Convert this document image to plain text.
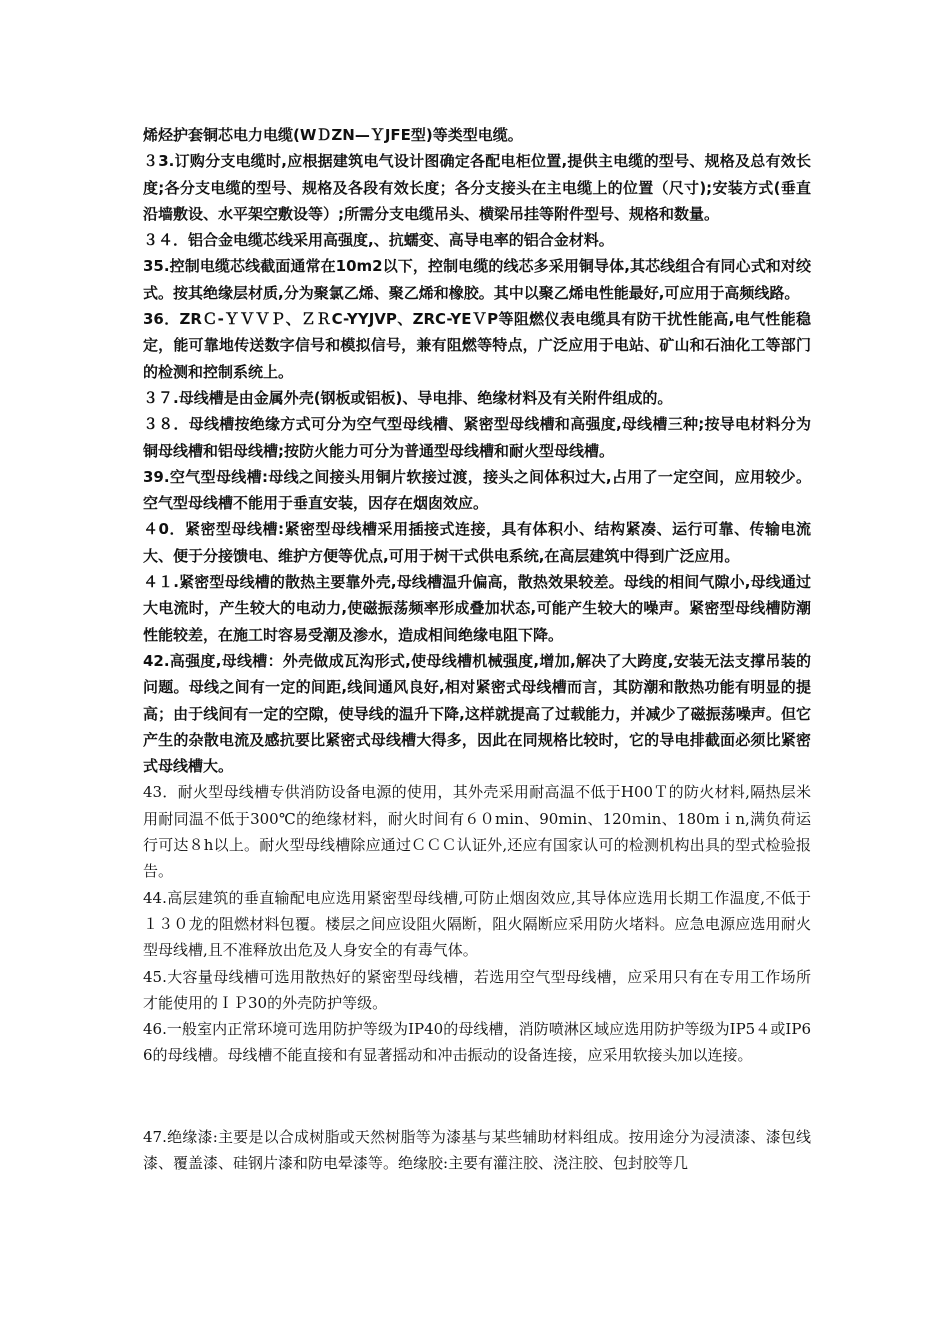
烯烃护套铜芯电力电缆(WＤZN—ＹJFE型)等类型电缆。

３3.订购分支电缆时,应根据建筑电气设计图确定各配电柜位置,提供主电缆的型号、规格及总有效长度;各分支电缆的型号、规格及各段有效长度；各分支接头在主电缆上的位置（尺寸);安装方式(垂直沿墙敷设、水平架空敷设等）;所需分支电缆吊头、横梁吊挂等附件型号、规格和数量。

３４．铝合金电缆芯线采用高强度,、抗蠕变、高导电率的铝合金材料。

35.控制电缆芯线截面通常在10m2以下，控制电缆的线芯多采用铜导体,其芯线组合有同心式和对绞式。按其绝缘层材质,分为聚氯乙烯、聚乙烯和橡胶。其中以聚乙烯电性能最好,可应用于高频线路。

36．ZRＣ-ＹＶＶＰ、ＺＲC-YYJVP、ZRC-YEＶP等阻燃仪表电缆具有防干扰性能高,电气性能稳定，能可靠地传送数字信号和模拟信号，兼有阻燃等特点，广泛应用于电站、矿山和石油化工等部门的检测和控制系统上。

３７.母线槽是由金属外壳(钢板或铝板)、导电排、绝缘材料及有关附件组成的。

３８．母线槽按绝缘方式可分为空气型母线槽、紧密型母线槽和高强度,母线槽三种;按导电材料分为铜母线槽和铝母线槽;按防火能力可分为普通型母线槽和耐火型母线槽。

39.空气型母线槽:母线之间接头用铜片软接过渡，接头之间体积过大,占用了一定空间，应用较少。空气型母线槽不能用于垂直安装，因存在烟囱效应。

４0．紧密型母线槽:紧密型母线槽采用插接式连接，具有体积小、结构紧凑、运行可靠、传输电流大、便于分接馈电、维护方便等优点,可用于树干式供电系统,在高层建筑中得到广泛应用。

４１.紧密型母线槽的散热主要靠外壳,母线槽温升偏高，散热效果较差。母线的相间气隙小,母线通过大电流时，产生较大的电动力,使磁振荡频率形成叠加状态,可能产生较大的噪声。紧密型母线槽防潮性能较差，在施工时容易受潮及渗水，造成相间绝缘电阻下降。

42.高强度,母线槽：外壳做成瓦沟形式,使母线槽机械强度,增加,解决了大跨度,安装无法支撑吊装的问题。母线之间有一定的间距,线间通风良好,相对紧密式母线槽而言，其防潮和散热功能有明显的提高；由于线间有一定的空隙，使导线的温升下降,这样就提高了过载能力，并减少了磁振荡噪声。但它产生的杂散电流及感抗要比紧密式母线槽大得多，因此在同规格比较时，它的导电排截面必须比紧密式母线槽大。

43．耐火型母线槽专供消防设备电源的使用，其外壳采用耐高温不低于H00Ｔ的防火材料,隔热层米用耐同温不低于300℃的绝缘材料，耐火时间有６０min、90min、120ｍin、180mｉn,满负荷运行可达８h以上。耐火型母线槽除应通过ＣＣＣ认证外,还应有国家认可的检测机构出具的型式检验报告。

44.高层建筑的垂直输配电应选用紧密型母线槽,可防止烟囱效应,其导体应选用长期工作温度,不低于１３０龙的阻燃材料包覆。楼层之间应设阻火隔断，阻火隔断应采用防火堵料。应急电源应选用耐火型母线槽,且不准释放出危及人身安全的有毒气体。

45.大容量母线槽可选用散热好的紧密型母线槽，若选用空气型母线槽，应采用只有在专用工作场所才能使用的ＩＰ30的外壳防护等级。

46.一般室内正常环境可选用防护等级为IP40的母线槽，消防喷淋区域应选用防护等级为IP5４或IP66的母线槽。母线槽不能直接和有显著摇动和冲击振动的设备连接，应采用软接头加以连接。

47.绝缘漆:主要是以合成树脂或天然树脂等为漆基与某些辅助材料组成。按用途分为浸渍漆、漆包线漆、覆盖漆、硅钢片漆和防电晕漆等。绝缘胶:主要有灌注胶、浇注胶、包封胶等几
